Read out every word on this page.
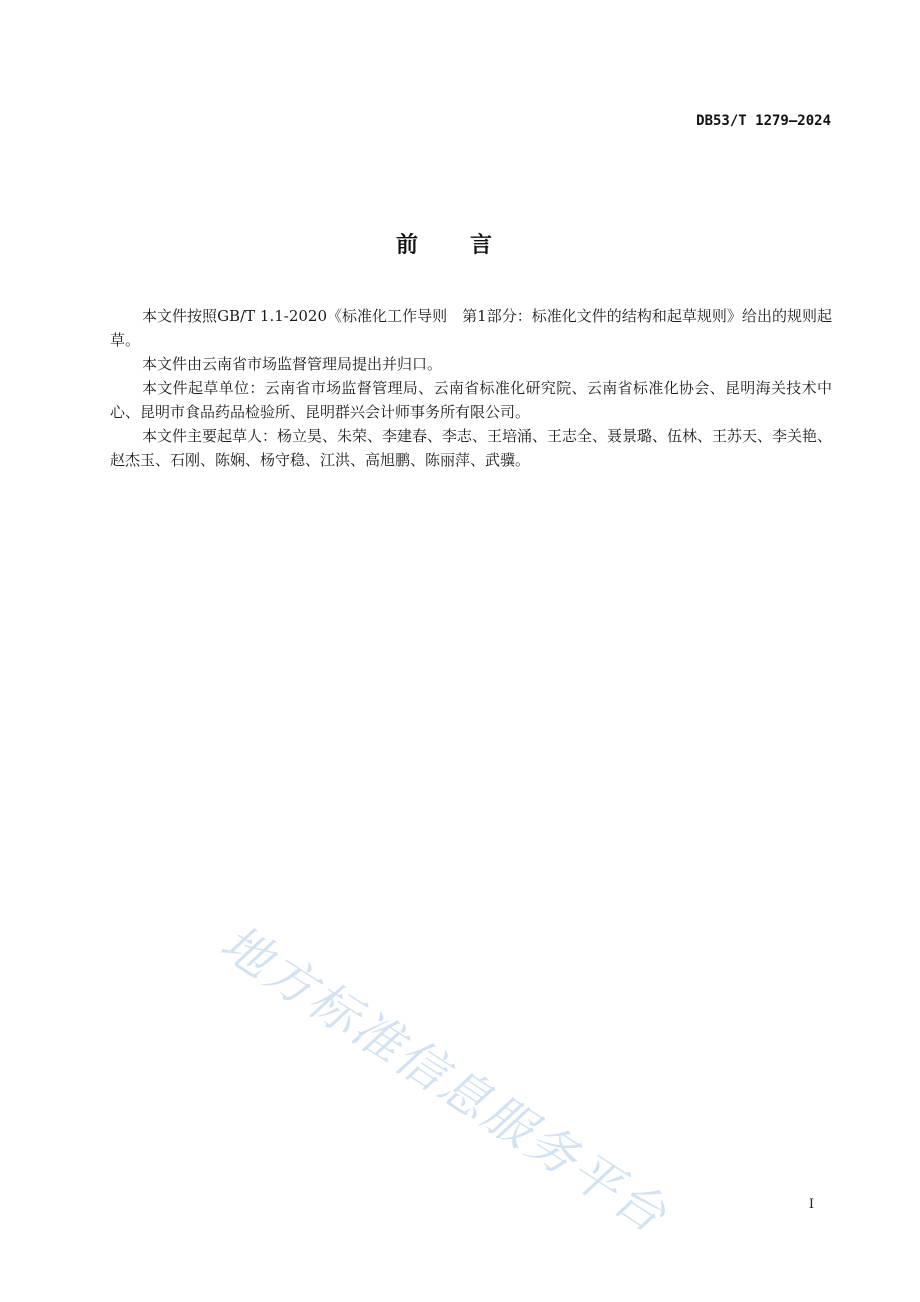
DB53/T 1279—2024
前言

本文件按照GB/T 1.1-2020《标准化工作导则　第1部分：标准化文件的结构和起草规则》给出的规则起草。

本文件由云南省市场监督管理局提出并归口。

本文件起草单位：云南省市场监督管理局、云南省标准化研究院、云南省标准化协会、昆明海关技术中心、昆明市食品药品检验所、昆明群兴会计师事务所有限公司。

本文件主要起草人：杨立昊、朱荣、李建春、李志、王培涌、王志全、聂景璐、伍林、王苏天、李关艳、赵杰玉、石刚、陈娴、杨守稳、江洪、高旭鹏、陈丽萍、武骥。

地方标准信息服务平台	I
